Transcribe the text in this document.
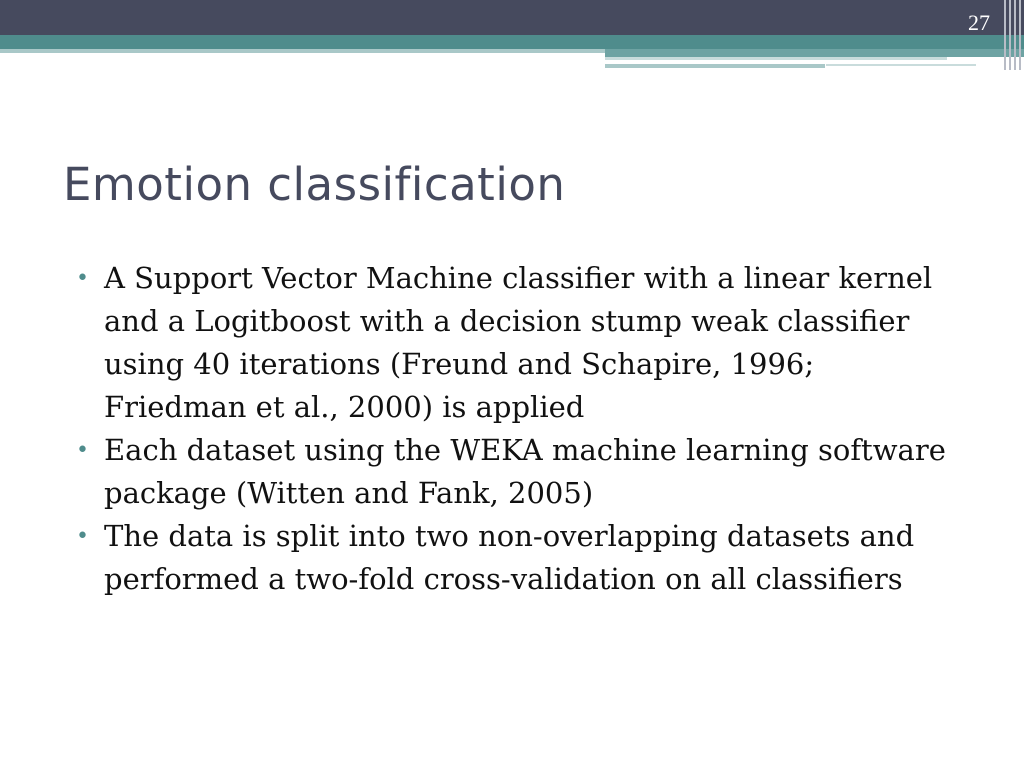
27
Emotion classification
• A Support Vector Machine classifier with a linear kernel and a Logitboost with a decision stump weak classifier using 40 iterations (Freund and Schapire, 1996; Friedman et al., 2000) is applied
• Each dataset using the WEKA machine learning software package (Witten and Fank, 2005)
• The data is split into two non-overlapping datasets and performed a two-fold cross-validation on all classifiers
